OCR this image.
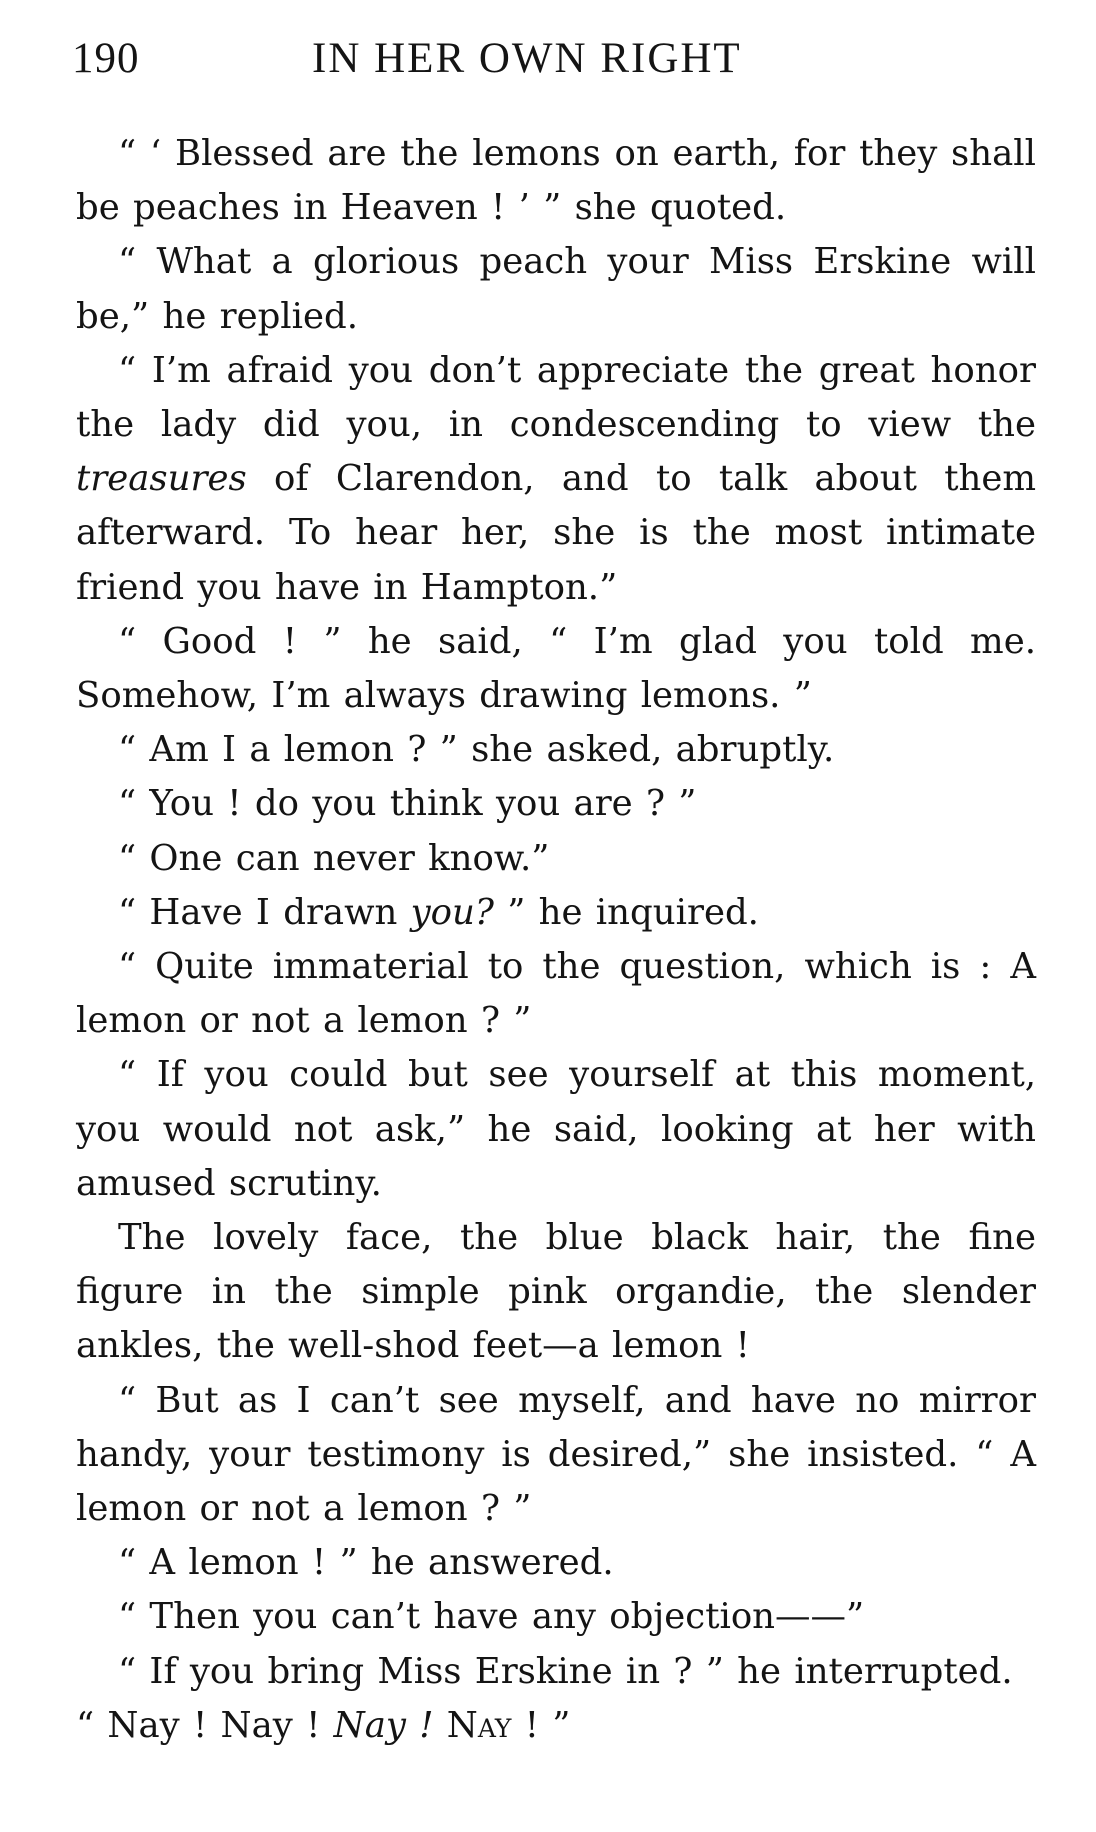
190	IN HER OWN RIGHT

“ ‘ Blessed are the lemons on earth, for they shall be peaches in Heaven ! ’ ” she quoted.

“ What a glorious peach your Miss Erskine will be,” he replied.

“ I’m afraid you don’t appreciate the great honor the lady did you, in condescending to view the treasures of Clarendon, and to talk about them afterward. To hear her, she is the most intimate friend you have in Hampton.”

“ Good ! ” he said, “ I’m glad you told me. Somehow, I’m always drawing lemons. ”

“ Am I a lemon ? ” she asked, abruptly.

“ You ! do you think you are ? ”

“ One can never know.”

“ Have I drawn you? ” he inquired.

“ Quite immaterial to the question, which is : A lemon or not a lemon ? ”

“ If you could but see yourself at this moment, you would not ask,” he said, looking at her with amused scrutiny.

The lovely face, the blue black hair, the fine figure in the simple pink organdie, the slender ankles, the well-shod feet—a lemon !

“ But as I can’t see myself, and have no mirror handy, your testimony is desired,” she insisted. “ A lemon or not a lemon ? ”

“ A lemon ! ” he answered.

“ Then you can’t have any objection——”

“ If you bring Miss Erskine in ? ” he interrupted.

“ Nay ! Nay ! Nay ! Nay ! ”
